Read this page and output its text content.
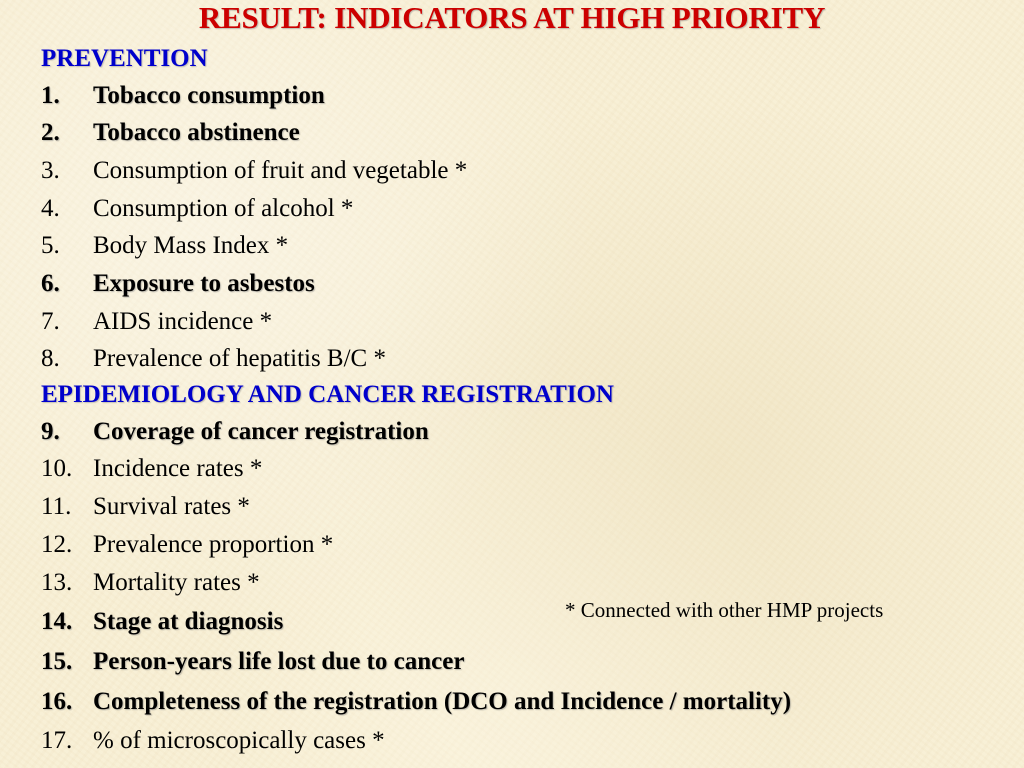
RESULT: INDICATORS AT HIGH PRIORITY
PREVENTION
1. Tobacco consumption
2. Tobacco abstinence
3. Consumption of fruit and vegetable *
4. Consumption of alcohol *
5. Body Mass Index *
6. Exposure to asbestos
7. AIDS incidence *
8. Prevalence of hepatitis B/C *
EPIDEMIOLOGY AND CANCER REGISTRATION
9. Coverage of cancer registration
10. Incidence rates *
11. Survival rates *
12. Prevalence proportion *
13. Mortality rates *
14. Stage at diagnosis
15. Person-years life lost due to cancer
16. Completeness of the registration (DCO and Incidence / mortality)
17. % of microscopically cases *
* Connected with other HMP projects
